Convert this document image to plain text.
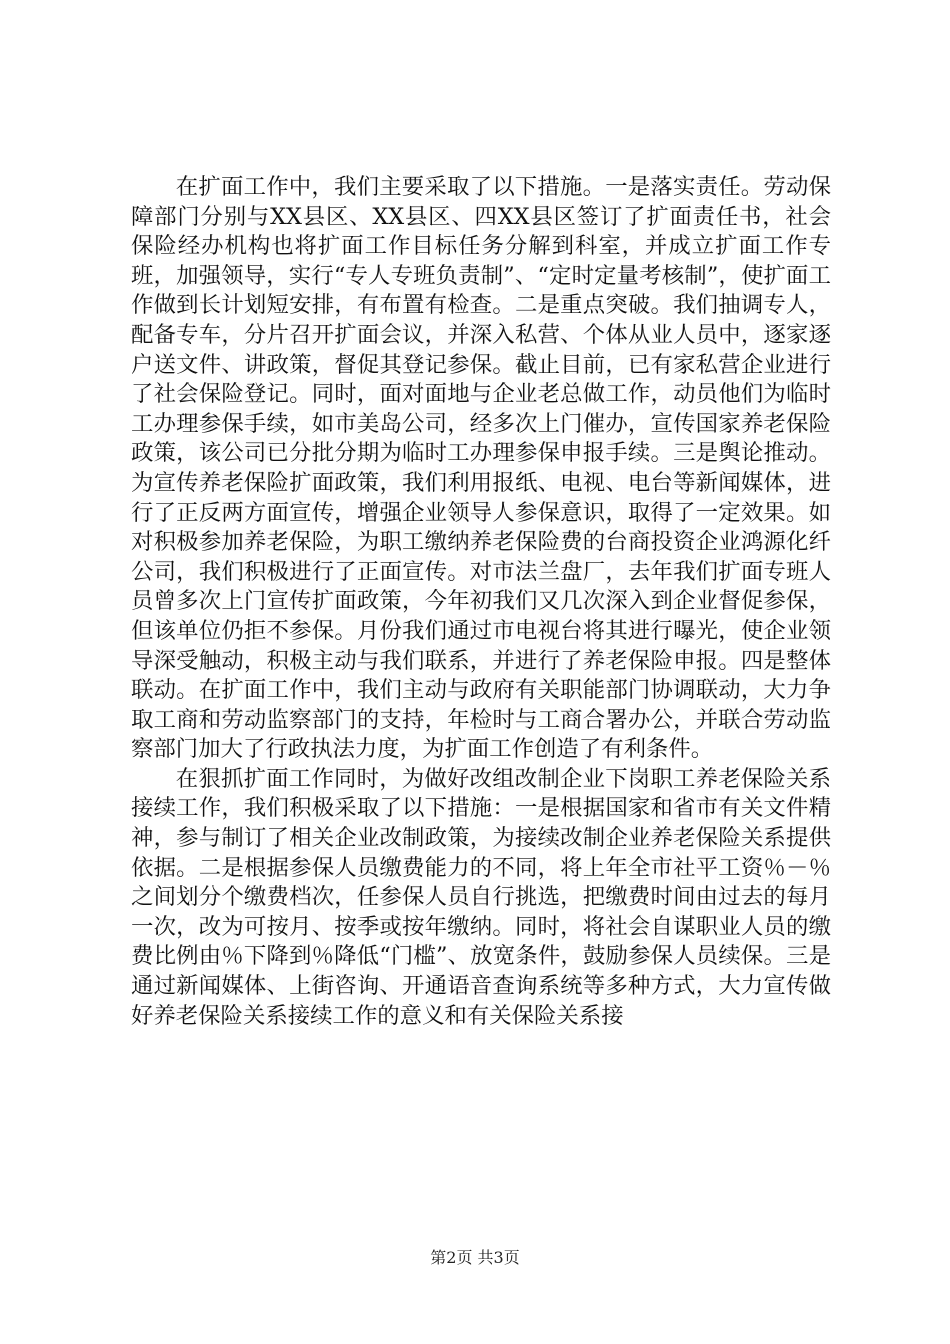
在扩面工作中，我们主要采取了以下措施。一是落实责任。劳动保障部门分别与XX县区、XX县区、四XX县区签订了扩面责任书，社会保险经办机构也将扩面工作目标任务分解到科室，并成立扩面工作专班，加强领导，实行“专人专班负责制”、“定时定量考核制”，使扩面工作做到长计划短安排，有布置有检查。二是重点突破。我们抽调专人，配备专车，分片召开扩面会议，并深入私营、个体从业人员中，逐家逐户送文件、讲政策，督促其登记参保。截止目前，已有家私营企业进行了社会保险登记。同时，面对面地与企业老总做工作，动员他们为临时工办理参保手续，如市美岛公司，经多次上门催办，宣传国家养老保险政策，该公司已分批分期为临时工办理参保申报手续。三是舆论推动。为宣传养老保险扩面政策，我们利用报纸、电视、电台等新闻媒体，进行了正反两方面宣传，增强企业领导人参保意识，取得了一定效果。如对积极参加养老保险，为职工缴纳养老保险费的台商投资企业鸿源化纤公司，我们积极进行了正面宣传。对市法兰盘厂，去年我们扩面专班人员曾多次上门宣传扩面政策，今年初我们又几次深入到企业督促参保，但该单位仍拒不参保。月份我们通过市电视台将其进行曝光，使企业领导深受触动，积极主动与我们联系，并进行了养老保险申报。四是整体联动。在扩面工作中，我们主动与政府有关职能部门协调联动，大力争取工商和劳动监察部门的支持，年检时与工商合署办公，并联合劳动监察部门加大了行政执法力度，为扩面工作创造了有利条件。

在狠抓扩面工作同时，为做好改组改制企业下岗职工养老保险关系接续工作，我们积极采取了以下措施：一是根据国家和省市有关文件精神，参与制订了相关企业改制政策，为接续改制企业养老保险关系提供依据。二是根据参保人员缴费能力的不同，将上年全市社平工资％－％之间划分个缴费档次，任参保人员自行挑选，把缴费时间由过去的每月一次，改为可按月、按季或按年缴纳。同时，将社会自谋职业人员的缴费比例由％下降到％降低“门槛”、放宽条件，鼓励参保人员续保。三是通过新闻媒体、上街咨询、开通语音查询系统等多种方式，大力宣传做好养老保险关系接续工作的意义和有关保险关系接

第2页 共3页
